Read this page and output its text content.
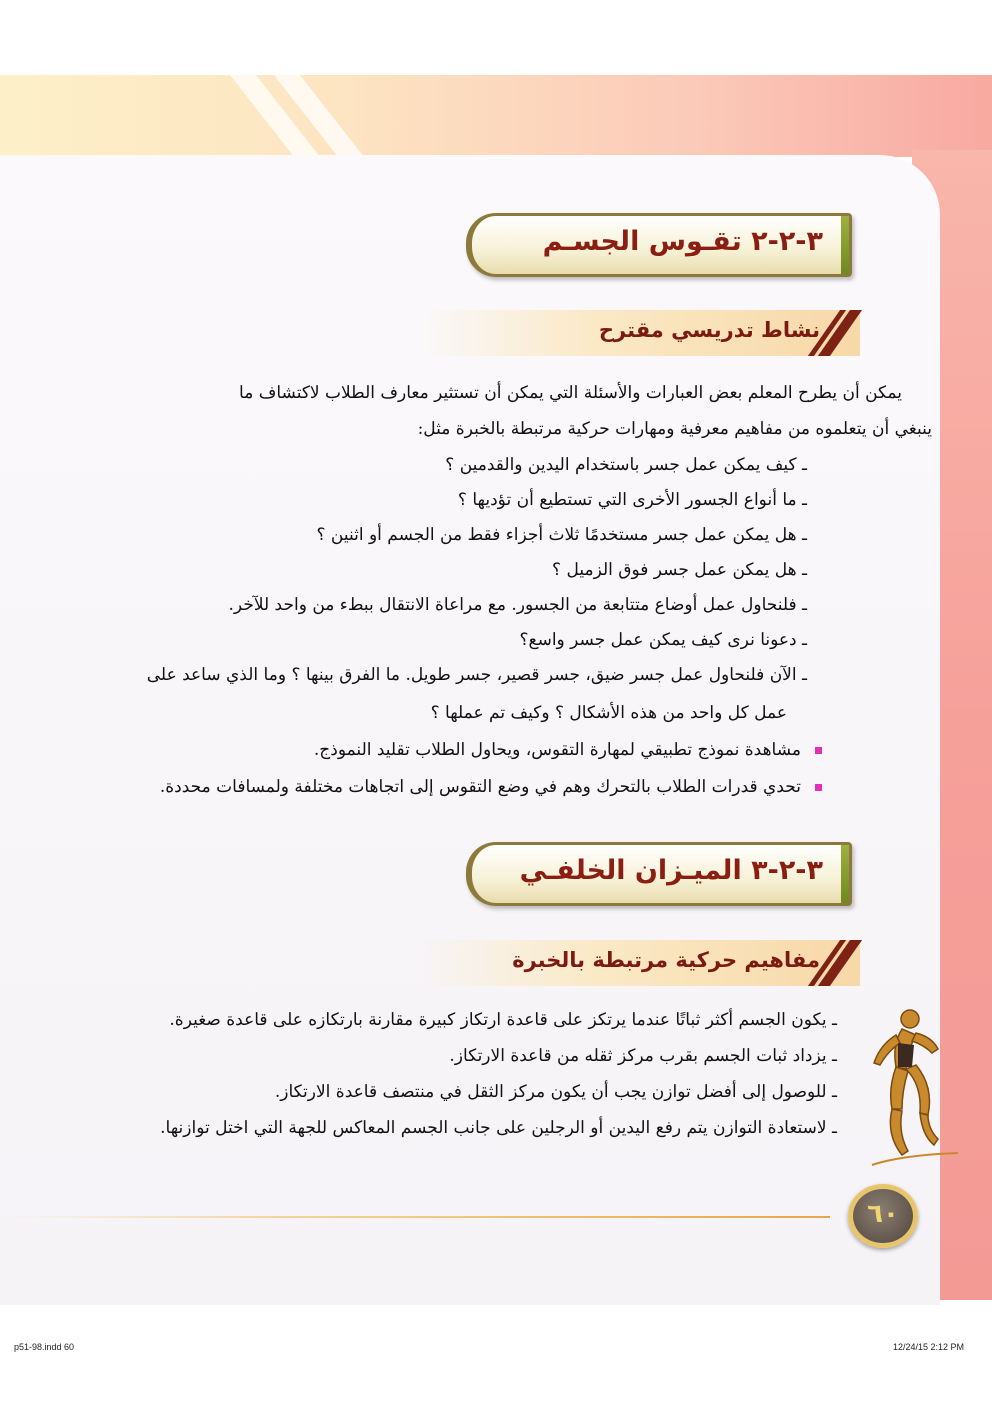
٣-٢-٢ تقـوس الجسـم
نشاط تدريسي مقترح
يمكن أن يطرح المعلم بعض العبارات والأسئلة التي يمكن أن تستثير معارف الطلاب لاكتشاف ما
ينبغي أن يتعلموه من مفاهيم معرفية ومهارات حركية مرتبطة بالخبرة مثل:
ـ كيف يمكن عمل جسر باستخدام اليدين والقدمين ؟
ـ ما أنواع الجسور الأخرى التي تستطيع أن تؤديها ؟
ـ هل يمكن عمل جسر مستخدمًا ثلاث أجزاء فقط من الجسم أو اثنين ؟
ـ هل يمكن عمل جسر فوق الزميل ؟
ـ فلنحاول عمل أوضاع متتابعة من الجسور. مع مراعاة الانتقال ببطء من واحد للآخر.
ـ دعونا نرى كيف يمكن عمل جسر واسع؟
ـ الآن فلنحاول عمل جسر ضيق، جسر قصير، جسر طويل. ما الفرق بينها ؟ وما الذي ساعد على
عمل كل واحد من هذه الأشكال ؟ وكيف تم عملها ؟
مشاهدة نموذج تطبيقي لمهارة التقوس، ويحاول الطلاب تقليد النموذج.
تحدي قدرات الطلاب بالتحرك وهم في وضع التقوس إلى اتجاهات مختلفة ولمسافات محددة.
٣-٢-٣ الميـزان الخلفـي
مفاهيم حركية مرتبطة بالخبرة
ـ يكون الجسم أكثر ثباتًا عندما يرتكز على قاعدة ارتكاز كبيرة مقارنة بارتكازه على قاعدة صغيرة.
ـ يزداد ثبات الجسم بقرب مركز ثقله من قاعدة الارتكاز.
ـ للوصول إلى أفضل توازن يجب أن يكون مركز الثقل في منتصف قاعدة الارتكاز.
ـ لاستعادة التوازن يتم رفع اليدين أو الرجلين على جانب الجسم المعاكس للجهة التي اختل توازنها.
٦٠
p51-98.indd 60	12/24/15 2:12 PM
